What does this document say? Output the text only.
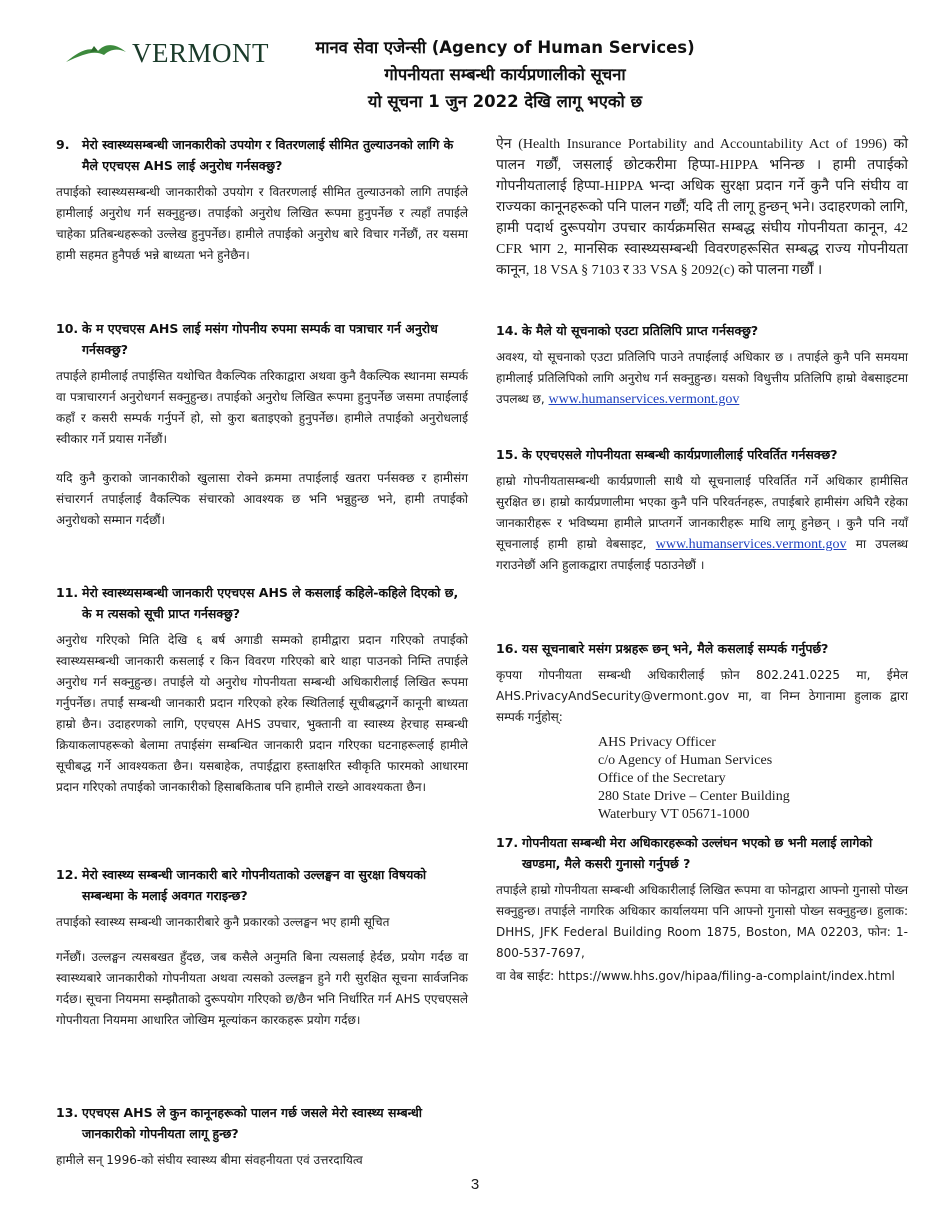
VERMONT	मानव सेवा एजेन्सी (Agency of Human Services)
गोपनीयता सम्बन्धी कार्यप्रणालीको सूचना
यो सूचना 1 जुन 2022 देखि लागू भएको छ
9. मेरो स्वास्थ्यसम्बन्धी जानकारीको उपयोग र वितरणलाई सीमित तुल्याउनको लागि के मैले एएचएस AHS लाई अनुरोध गर्नसक्छु?
तपाईको स्वास्थ्यसम्बन्धी जानकारीको उपयोग र वितरणलाई सीमित तुल्याउनको लागि तपाईले हामीलाई अनुरोध गर्न सक्नुहुन्छ। तपाईको अनुरोध लिखित रूपमा हुनुपर्नेछ र त्यहाँ तपाईले चाहेका प्रतिबन्धहरूको उल्लेख हुनुपर्नेछ। हामीले तपाईको अनुरोध बारे विचार गर्नेछौं, तर यसमा हामी सहमत हुनैपर्छ भन्ने बाध्यता भने हुनेछैन।
10. के म एएचएस AHS लाई मसंग गोपनीय रुपमा सम्पर्क वा पत्राचार गर्न अनुरोध गर्नसक्छु?
तपाईले हामीलाई तपाईसित यथोचित वैकल्पिक तरिकाद्वारा अथवा कुनै वैकल्पिक स्थानमा सम्पर्क वा पत्राचारगर्न अनुरोधगर्न सक्नुहुन्छ। तपाईको अनुरोध लिखित रूपमा हुनुपर्नेछ जसमा तपाईलाई कहाँ र कसरी सम्पर्क गर्नुपर्ने हो, सो कुरा बताइएको हुनुपर्नेछ। हामीले तपाईको अनुरोधलाई स्वीकार गर्ने प्रयास गर्नेछौं।
यदि कुनै कुराको जानकारीको खुलासा रोक्ने क्रममा तपाईलाई खतरा पर्नसक्छ र हामीसंग संचारगर्न तपाईलाई वैकल्पिक संचारको आवश्यक छ भनि भन्नुहुन्छ भने, हामी तपाईको अनुरोधको सम्मान गर्दछौं।
11. मेरो स्वास्थ्यसम्बन्धी जानकारी एएचएस AHS ले कसलाई कहिले-कहिले दिएको छ, के म त्यसको सूची प्राप्त गर्नसक्छु?
अनुरोध गरिएको मिति देखि ६ बर्ष अगाडी सम्मको हामीद्वारा प्रदान गरिएको तपाईको स्वास्थ्यसम्बन्धी जानकारी कसलाई र किन विवरण गरिएको बारे थाहा पाउनको निम्ति तपाईले अनुरोध गर्न सक्नुहुन्छ। तपाईले यो अनुरोध गोपनीयता सम्बन्धी अधिकारीलाई लिखित रूपमा गर्नुपर्नेछ। तपाईं सम्बन्धी जानकारी प्रदान गरिएको हरेक स्थितिलाई सूचीबद्धगर्ने कानूनी बाध्यता हाम्रो छैन। उदाहरणको लागि, एएचएस AHS उपचार, भुक्तानी वा स्वास्थ्य हेरचाह सम्बन्धी क्रियाकलापहरूको बेलामा तपाईसंग सम्बन्धित जानकारी प्रदान गरिएका घटनाहरूलाई हामीले सूचीबद्ध गर्ने आवश्यकता छैन। यसबाहेक, तपाईद्वारा हस्ताक्षरित स्वीकृति फारमको आधारमा प्रदान गरिएको तपाईको जानकारीको हिसाबकिताब पनि हामीले राख्ने आवश्यकता छैन।
12. मेरो स्वास्थ्य सम्बन्धी जानकारी बारे गोपनीयताको उल्लङ्घन वा सुरक्षा विषयको सम्बन्धमा के मलाई अवगत गराइन्छ?
तपाईको स्वास्थ्य सम्बन्धी जानकारीबारे कुनै प्रकारको उल्लङ्घन भए हामी सूचित
गर्नेछौं। उल्लङ्घन त्यसबखत हुँदछ, जब कसैले अनुमति बिना त्यसलाई हेर्दछ, प्रयोग गर्दछ वा स्वास्थ्यबारे जानकारीको गोपनीयता अथवा त्यसको उल्लङ्घन हुने गरी सुरक्षित सूचना सार्वजनिक गर्दछ। सूचना नियममा सम्झौताको दुरूपयोग गरिएको छ/छैन भनि निर्धारित गर्न AHS एएचएसले गोपनीयता नियममा आधारित जोखिम मूल्यांकन कारकहरू प्रयोग गर्दछ।
13. एएचएस AHS ले कुन कानूनहरूको पालन गर्छ जसले मेरो स्वास्थ्य सम्बन्धी जानकारीको गोपनीयता लागू हुन्छ?
हामीले सन् 1996-को संघीय स्वास्थ्य बीमा संवहनीयता एवं उत्तरदायित्व
ऐन (Health Insurance Portability and Accountability Act of 1996) को पालन गर्छौं, जसलाई छोटकरीमा हिप्पा-HIPPA भनिन्छ । हामी तपाईको गोपनीयतालाई हिप्पा-HIPPA भन्दा अधिक सुरक्षा प्रदान गर्ने कुनै पनि संघीय वा राज्यका कानूनहरूको पनि पालन गर्छौं; यदि ती लागू हुन्छन् भने। उदाहरणको लागि, हामी पदार्थ दुरूपयोग उपचार कार्यक्रमसित सम्बद्ध संघीय गोपनीयता कानून, 42 CFR भाग 2, मानसिक स्वास्थ्यसम्बन्धी विवरणहरूसित सम्बद्ध राज्य गोपनीयता कानून, 18 VSA § 7103 र 33 VSA § 2092(c) को पालना गर्छौं ।
14. के मैले यो सूचनाको एउटा प्रतिलिपि प्राप्त गर्नसक्छु?
अवश्य, यो सूचनाको एउटा प्रतिलिपि पाउने तपाईलाई अधिकार छ । तपाईले कुनै पनि समयमा हामीलाई प्रतिलिपिको लागि अनुरोध गर्न सक्नुहुन्छ। यसको विधुत्तीय प्रतिलिपि हाम्रो वेबसाइटमा उपलब्ध छ, www.humanservices.vermont.gov
15. के एएचएसले गोपनीयता सम्बन्धी कार्यप्रणालीलाई परिवर्तित गर्नसक्छ?
हाम्रो गोपनीयतासम्बन्धी कार्यप्रणाली साथै यो सूचनालाई परिवर्तित गर्ने अधिकार हामीसित सुरक्षित छ। हाम्रो कार्यप्रणालीमा भएका कुनै पनि परिवर्तनहरू, तपाईबारे हामीसंग अघिनै रहेका जानकारीहरू र भविष्यमा हामीले प्राप्तगर्ने जानकारीहरू माथि लागू हुनेछन् । कुनै पनि नयाँ सूचनालाई हामी हाम्रो वेबसाइट, www.humanservices.vermont.gov मा उपलब्ध गराउनेछौं अनि हुलाकद्वारा तपाईलाई पठाउनेछौं ।
16. यस सूचनाबारे मसंग प्रश्नहरू छन् भने, मैले कसलाई सम्पर्क गर्नुपर्छ?
कृपया गोपनीयता सम्बन्धी अधिकारीलाई फ़ोन 802.241.0225 मा, ईमेल AHS.PrivacyAndSecurity@vermont.gov मा, वा निम्न ठेगानामा हुलाक द्वारा सम्पर्क गर्नुहोस्:
AHS Privacy Officer
c/o Agency of Human Services
Office of the Secretary
280 State Drive – Center Building
Waterbury VT 05671-1000
17. गोपनीयता सम्बन्धी मेरा अधिकारहरूको उल्लंघन भएको छ भनी मलाई लागेको खण्डमा, मैले कसरी गुनासो गर्नुपर्छ ?
तपाईले हाम्रो गोपनीयता सम्बन्धी अधिकारीलाई लिखित रूपमा वा फोनद्वारा आफ्नो गुनासो पोख्न सक्नुहुन्छ। तपाईले नागरिक अधिकार कार्यालयमा पनि आफ्नो गुनासो पोख्न सक्नुहुन्छ। हुलाक: DHHS, JFK Federal Building Room 1875, Boston, MA 02203, फोन: 1-800-537-7697,
वा वेब साईट: https://www.hhs.gov/hipaa/filing-a-complaint/index.html
3
